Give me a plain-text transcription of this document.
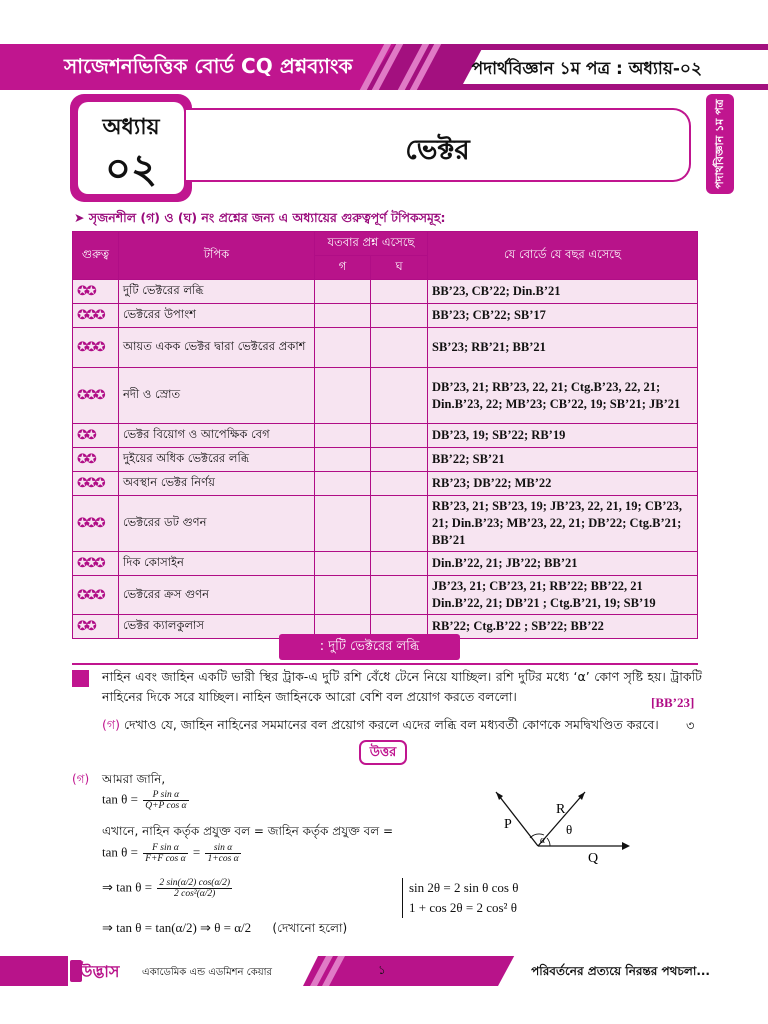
সাজেশনভিত্তিক বোর্ড CQ প্রশ্নব্যাংক	পদার্থবিজ্ঞান ১ম পত্র : অধ্যায়-০২
অধ্যায়
০২	ভেক্টর	পদার্থবিজ্ঞান ১ম পত্র
➤ সৃজনশীল (গ) ও (ঘ) নং প্রশ্নের জন্য এ অধ্যায়ের গুরুত্বপূর্ণ টপিকসমূহ:
গুরুত্ব	টপিক	যতবার প্রশ্ন এসেছে		যে বোর্ডে যে বছর এসেছে
		গ	ঘ	
✪✪	দুটি ভেক্টরের লব্ধি			BB’23, CB’22; Din.B’21
✪✪✪	ভেক্টরের উপাংশ			BB’23; CB’22; SB’17
✪✪✪	আয়ত একক ভেক্টর দ্বারা ভেক্টরের প্রকাশ			SB’23; RB’21; BB’21
✪✪✪	নদী ও স্রোত			DB’23, 21; RB’23, 22, 21; Ctg.B’23, 22, 21; Din.B’23, 22; MB’23; CB’22, 19; SB’21; JB’21
✪✪	ভেক্টর বিয়োগ ও আপেক্ষিক বেগ			DB’23, 19; SB’22; RB’19
✪✪	দুইয়ের অধিক ভেক্টরের লব্ধি			BB’22; SB’21
✪✪✪	অবস্থান ভেক্টর নির্ণয়			RB’23; DB’22; MB’22
✪✪✪	ভেক্টরের ডট গুণন			RB’23, 21; SB’23, 19; JB’23, 22, 21, 19; CB’23, 21; Din.B’23; MB’23, 22, 21; DB’22; Ctg.B’21; BB’21
✪✪✪	দিক কোসাইন			Din.B’22, 21; JB’22; BB’21
✪✪✪	ভেক্টরের ক্রস গুণন			JB’23, 21; CB’23, 21; RB’22; BB’22, 21 Din.B’22, 21; DB’21 ; Ctg.B’21, 19; SB’19
✪✪	ভেক্টর ক্যালকুলাস			RB’22; Ctg.B’22 ; SB’22; BB’22
: দুটি ভেক্টরের লব্ধি
নাহিন এবং জাহিন একটি ভারী স্থির ট্রাক-এ দুটি রশি বেঁধে টেনে নিয়ে যাচ্ছিল। রশি দুটির মধ্যে ‘α’ কোণ সৃষ্টি হয়। ট্রাকটি নাহিনের দিকে সরে যাচ্ছিল। নাহিন জাহিনকে আরো বেশি বল প্রয়োগ করতে বললো।	[BB’23]
(গ) দেখাও যে, জাহিন নাহিনের সমমানের বল প্রয়োগ করলে এদের লব্ধি বল মধ্যবর্তী কোণকে সমদ্বিখণ্ডিত করবে। ৩
উত্তর
(গ) আমরা জানি,
$\tan \theta = \frac{\text{P sin α}}{\text{Q+P cos α}}$
এখানে, নাহিন কর্তৃক প্রযুক্ত বল = জাহিন কর্তৃক প্রযুক্ত বল =
$\tan \theta = \frac{\text{F sin α}}{\text{F+F cos α}} = \frac{\text{sin α}}{\text{1+cos α}}$
⇒ $\tan \theta = \frac{2 \sin(\alpha/2) \cos(\alpha/2)}{\text{2 cos²(α/2)}}$
⇒ tan θ = tan(α/2) ⇒ θ = α/2 (দেখানো হলো)
sin 2θ = 2 sin θ cos θ
1 + cos 2θ = 2 cos² θ
P
R
Q
θ
α
উদ্ভাস একাডেমিক এন্ড এডমিশন কেয়ার	১	পরিবর্তনের প্রত্যয়ে নিরন্তর পথচলা...
